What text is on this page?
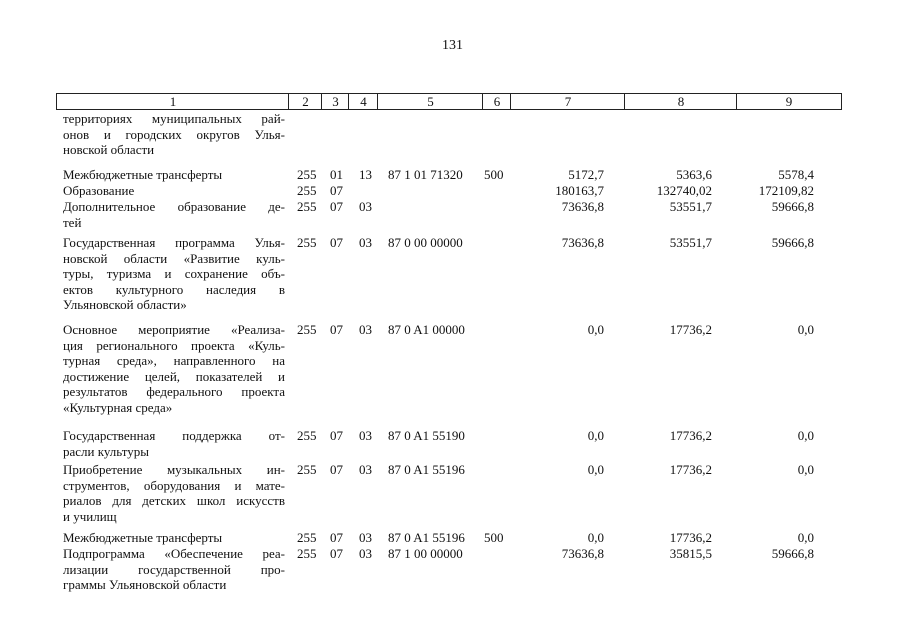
131
1	2	3	4	5	6	7	8	9
территориях муниципальных рай-
онов и городских округов Улья-
новской области
Межбюджетные трансферты	255 01 13 87 1 01 71320 500	5172,7	5363,6	5578,4
Образование	255 07	180163,7	132740,02	172109,82
Дополнительное образование де-
тей
255 07 03	73636,8	53551,7	59666,8
Государственная программа Улья-
новской области «Развитие куль-
туры, туризма и сохранение объ-
ектов культурного наследия в
Ульяновской области»
255 07 03 87 0 00 00000	73636,8	53551,7	59666,8
Основное мероприятие «Реализа-
ция регионального проекта «Куль-
турная среда», направленного на
достижение целей, показателей и
результатов федерального проекта
«Культурная среда»
255 07 03 87 0 A1 00000	0,0	17736,2	0,0
Государственная поддержка от-
расли культуры
255 07 03 87 0 A1 55190	0,0	17736,2	0,0
Приобретение музыкальных ин-
струментов, оборудования и мате-
риалов для детских школ искусств
и училищ
255 07 03 87 0 A1 55196	0,0	17736,2	0,0
Межбюджетные трансферты	255 07 03 87 0 A1 55196 500	0,0	17736,2	0,0
Подпрограмма «Обеспечение реа-
лизации государственной про-
граммы Ульяновской области
255 07 03 87 1 00 00000	73636,8	35815,5	59666,8
